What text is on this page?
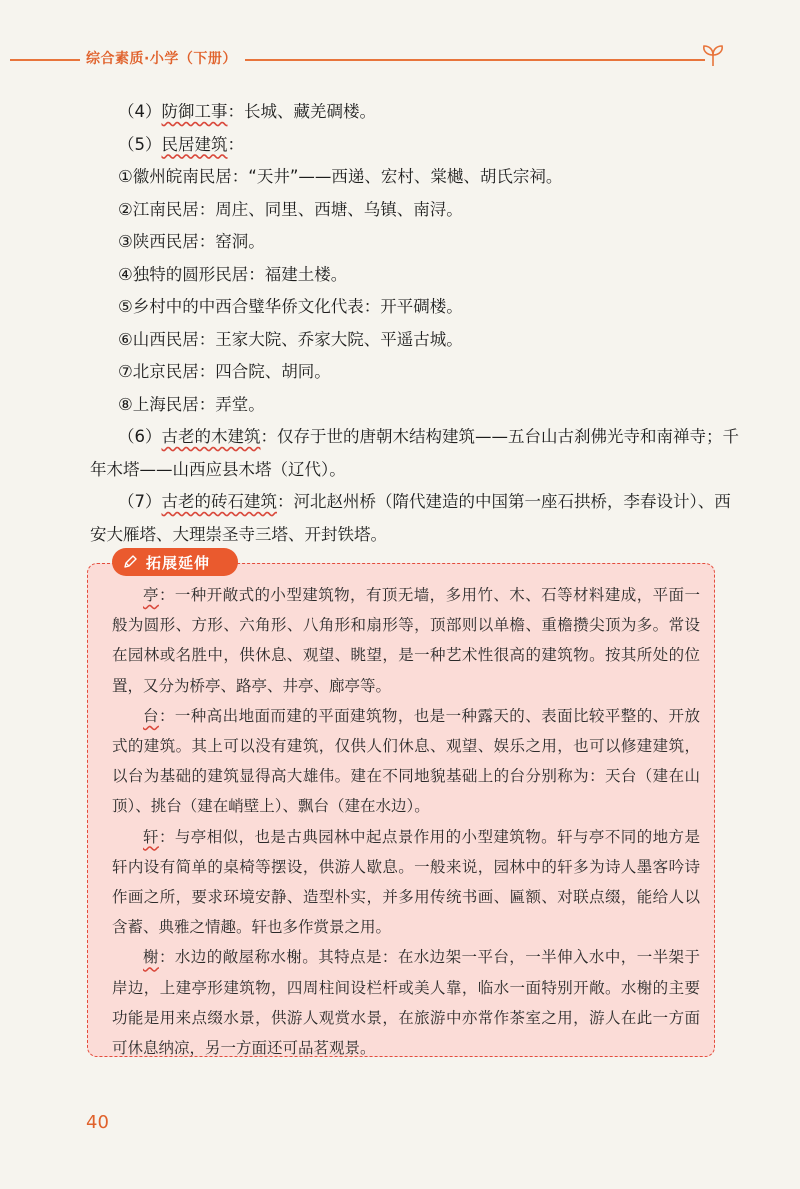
综合素质·小学（下册）
（4）防御工事：长城、藏羌碉楼。
（5）民居建筑：
①徽州皖南民居：“天井”——西递、宏村、棠樾、胡氏宗祠。
②江南民居：周庄、同里、西塘、乌镇、南浔。
③陕西民居：窑洞。
④独特的圆形民居：福建土楼。
⑤乡村中的中西合璧华侨文化代表：开平碉楼。
⑥山西民居：王家大院、乔家大院、平遥古城。
⑦北京民居：四合院、胡同。
⑧上海民居：弄堂。
（6）古老的木建筑：仅存于世的唐朝木结构建筑——五台山古刹佛光寺和南禅寺；千
年木塔——山西应县木塔（辽代）。
（7）古老的砖石建筑：河北赵州桥（隋代建造的中国第一座石拱桥，李春设计）、西
安大雁塔、大理崇圣寺三塔、开封铁塔。
拓展延伸

亭：一种开敞式的小型建筑物，有顶无墙，多用竹、木、石等材料建成，平面一般为圆形、方形、六角形、八角形和扇形等，顶部则以单檐、重檐攒尖顶为多。常设在园林或名胜中，供休息、观望、眺望，是一种艺术性很高的建筑物。按其所处的位置，又分为桥亭、路亭、井亭、廊亭等。

台：一种高出地面而建的平面建筑物，也是一种露天的、表面比较平整的、开放式的建筑。其上可以没有建筑，仅供人们休息、观望、娱乐之用，也可以修建建筑，以台为基础的建筑显得高大雄伟。建在不同地貌基础上的台分别称为：天台（建在山顶）、挑台（建在峭壁上）、飘台（建在水边）。

轩：与亭相似，也是古典园林中起点景作用的小型建筑物。轩与亭不同的地方是轩内设有简单的桌椅等摆设，供游人歇息。一般来说，园林中的轩多为诗人墨客吟诗作画之所，要求环境安静、造型朴实，并多用传统书画、匾额、对联点缀，能给人以含蓄、典雅之情趣。轩也多作赏景之用。

榭：水边的敞屋称水榭。其特点是：在水边架一平台，一半伸入水中，一半架于岸边，上建亭形建筑物，四周柱间设栏杆或美人靠，临水一面特别开敞。水榭的主要功能是用来点缀水景，供游人观赏水景，在旅游中亦常作茶室之用，游人在此一方面可休息纳凉，另一方面还可品茗观景。

40
